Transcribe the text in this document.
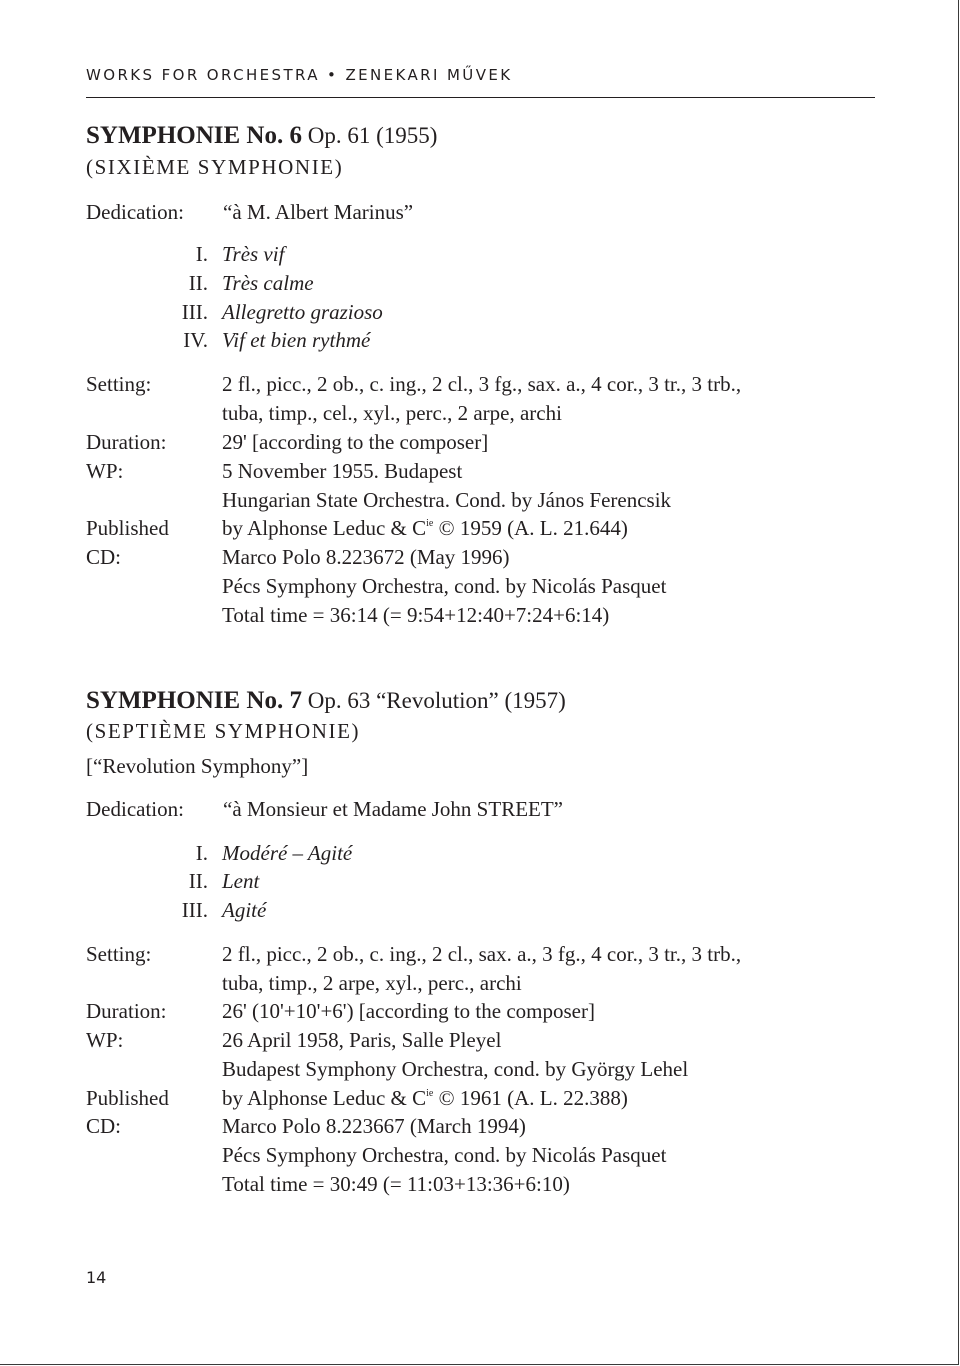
WORKS FOR ORCHESTRA • ZENEKARI MŰVEK
SYMPHONIE No. 6 Op. 61 (1955)
(SIXIÈME SYMPHONIE)
Dedication: “à M. Albert Marinus”
I. Très vif
II. Très calme
III. Allegretto grazioso
IV. Vif et bien rythmé
Setting:	2 fl., picc., 2 ob., c. ing., 2 cl., 3 fg., sax. a., 4 cor., 3 tr., 3 trb.,
tuba, timp., cel., xyl., perc., 2 arpe, archi
Duration:	29' [according to the composer]
WP:	5 November 1955. Budapest
Hungarian State Orchestra. Cond. by János Ferencsik
Published	by Alphonse Leduc & $C^{ie}$ © 1959 (A. L. 21.644)
CD:	Marco Polo 8.223672 (May 1996)
Pécs Symphony Orchestra, cond. by Nicolás Pasquet
Total time = 36:14 (= 9:54+12:40+7:24+6:14)
SYMPHONIE No. 7 Op. 63 “Revolution” (1957)
(SEPTIÈME SYMPHONIE)
[“Revolution Symphony”]
Dedication: “à Monsieur et Madame John STREET”
I. Modéré – Agité
II. Lent
III. Agité
Setting:	2 fl., picc., 2 ob., c. ing., 2 cl., sax. a., 3 fg., 4 cor., 3 tr., 3 trb.,
tuba, timp., 2 arpe, xyl., perc., archi
Duration:	26' (10'+10'+6') [according to the composer]
WP:	26 April 1958, Paris, Salle Pleyel
Budapest Symphony Orchestra, cond. by György Lehel
Published	by Alphonse Leduc & $C^{ie}$ © 1961 (A. L. 22.388)
CD:	Marco Polo 8.223667 (March 1994)
Pécs Symphony Orchestra, cond. by Nicolás Pasquet
Total time = 30:49 (= 11:03+13:36+6:10)
14
